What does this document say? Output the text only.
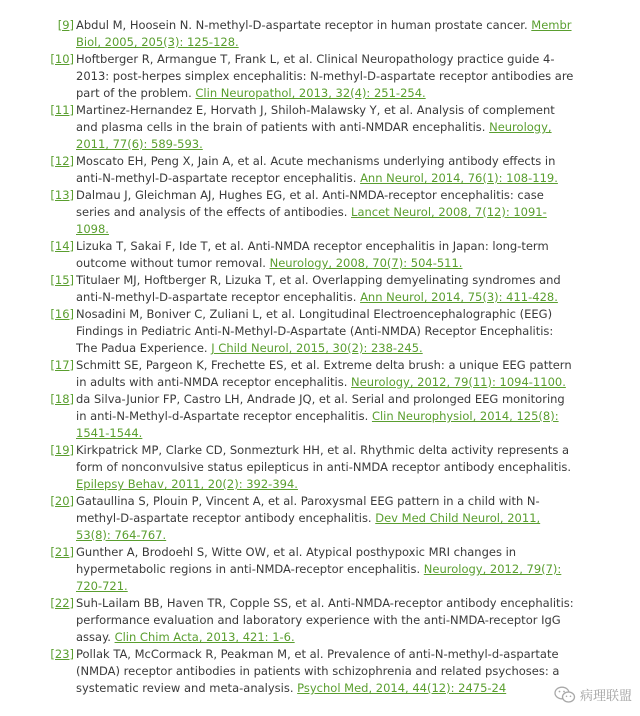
[9] Abdul M, Hoosein N. N-methyl-D-aspartate receptor in human prostate cancer. Membr Biol, 2005, 205(3): 125-128.
[10] Hoftberger R, Armangue T, Frank L, et al. Clinical Neuropathology practice guide 4-2013: post-herpes simplex encephalitis: N-methyl-D-aspartate receptor antibodies are part of the problem. Clin Neuropathol, 2013, 32(4): 251-254.
[11] Martinez-Hernandez E, Horvath J, Shiloh-Malawsky Y, et al. Analysis of complement and plasma cells in the brain of patients with anti-NMDAR encephalitis. Neurology, 2011, 77(6): 589-593.
[12] Moscato EH, Peng X, Jain A, et al. Acute mechanisms underlying antibody effects in anti-N-methyl-D-aspartate receptor encephalitis. Ann Neurol, 2014, 76(1): 108-119.
[13] Dalmau J, Gleichman AJ, Hughes EG, et al. Anti-NMDA-receptor encephalitis: case series and analysis of the effects of antibodies. Lancet Neurol, 2008, 7(12): 1091-1098.
[14] Lizuka T, Sakai F, Ide T, et al. Anti-NMDA receptor encephalitis in Japan: long-term outcome without tumor removal. Neurology, 2008, 70(7): 504-511.
[15] Titulaer MJ, Hoftberger R, Lizuka T, et al. Overlapping demyelinating syndromes and anti-N-methyl-D-aspartate receptor encephalitis. Ann Neurol, 2014, 75(3): 411-428.
[16] Nosadini M, Boniver C, Zuliani L, et al. Longitudinal Electroencephalographic (EEG) Findings in Pediatric Anti-N-Methyl-D-Aspartate (Anti-NMDA) Receptor Encephalitis: The Padua Experience. J Child Neurol, 2015, 30(2): 238-245.
[17] Schmitt SE, Pargeon K, Frechette ES, et al. Extreme delta brush: a unique EEG pattern in adults with anti-NMDA receptor encephalitis. Neurology, 2012, 79(11): 1094-1100.
[18] da Silva-Junior FP, Castro LH, Andrade JQ, et al. Serial and prolonged EEG monitoring in anti-N-Methyl-d-Aspartate receptor encephalitis. Clin Neurophysiol, 2014, 125(8): 1541-1544.
[19] Kirkpatrick MP, Clarke CD, Sonmezturk HH, et al. Rhythmic delta activity represents a form of nonconvulsive status epilepticus in anti-NMDA receptor antibody encephalitis. Epilepsy Behav, 2011, 20(2): 392-394.
[20] Gataullina S, Plouin P, Vincent A, et al. Paroxysmal EEG pattern in a child with N-methyl-D-aspartate receptor antibody encephalitis. Dev Med Child Neurol, 2011, 53(8): 764-767.
[21] Gunther A, Brodoehl S, Witte OW, et al. Atypical posthypoxic MRI changes in hypermetabolic regions in anti-NMDA-receptor encephalitis. Neurology, 2012, 79(7): 720-721.
[22] Suh-Lailam BB, Haven TR, Copple SS, et al. Anti-NMDA-receptor antibody encephalitis: performance evaluation and laboratory experience with the anti-NMDA-receptor IgG assay. Clin Chim Acta, 2013, 421: 1-6.
[23] Pollak TA, McCormack R, Peakman M, et al. Prevalence of anti-N-methyl-d-aspartate (NMDA) receptor antibodies in patients with schizophrenia and related psychoses: a systematic review and meta-analysis. Psychol Med, 2014, 44(12): 2475-24
病理联盟
